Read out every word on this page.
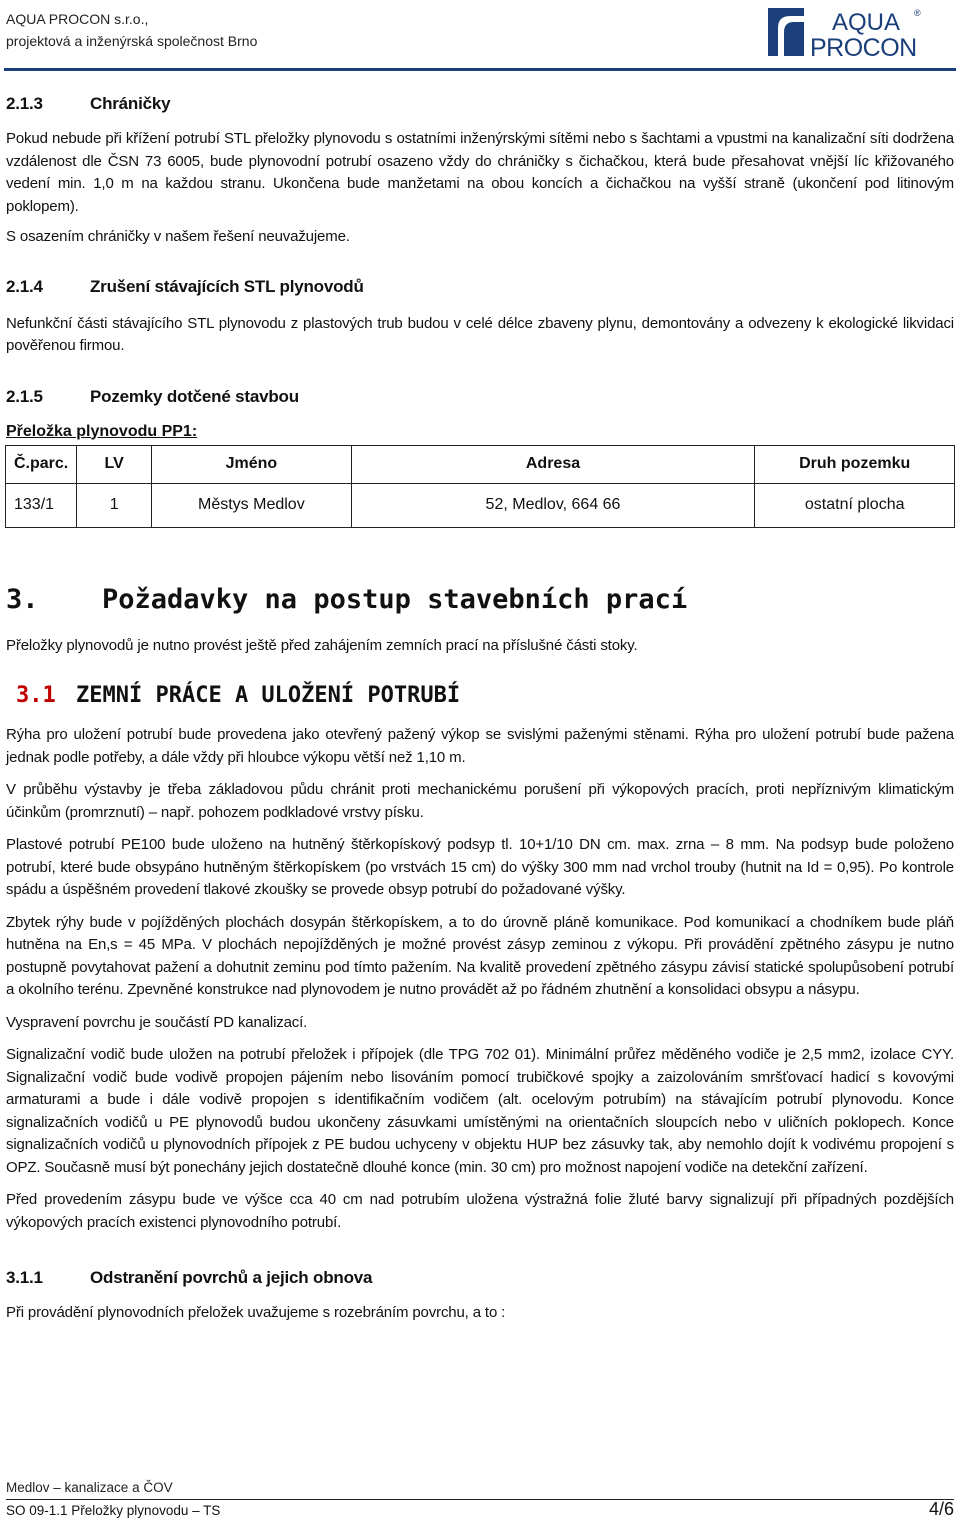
AQUA PROCON s.r.o.,
projektová a inženýrská společnost Brno
AQUA ®
PROCON
2.1.3	Chráničky

Pokud nebude při křížení potrubí STL přeložky plynovodu s ostatními inženýrskými sítěmi nebo s šachtami a vpustmi na kanalizační síti dodržena vzdálenost dle ČSN 73 6005, bude plynovodní potrubí osazeno vždy do chráničky s čichačkou, která bude přesahovat vnější líc křižovaného vedení min. 1,0 m na každou stranu. Ukončena bude manžetami na obou koncích a čichačkou na vyšší straně (ukončení pod litinovým poklopem).

S osazením chráničky v našem řešení neuvažujeme.

2.1.4	Zrušení stávajících STL plynovodů

Nefunkční části stávajícího STL plynovodu z plastových trub budou v celé délce zbaveny plynu, demontovány a odvezeny k ekologické likvidaci pověřenou firmou.

2.1.5	Pozemky dotčené stavbou
Přeložka plynovodu PP1:
Č.parc.	LV	Jméno	Adresa	Druh pozemku
133/1	1	Městys Medlov	52, Medlov, 664 66	ostatní plocha
3. Požadavky na postup stavebních prací

Přeložky plynovodů je nutno provést ještě před zahájením zemních prací na příslušné části stoky.

3.1 ZEMNÍ PRÁCE A ULOŽENÍ POTRUBÍ

Rýha pro uložení potrubí bude provedena jako otevřený pažený výkop se svislými paženými stěnami. Rýha pro uložení potrubí bude pažena jednak podle potřeby, a dále vždy při hloubce výkopu větší než 1,10 m.

V průběhu výstavby je třeba základovou půdu chránit proti mechanickému porušení při výkopových pracích, proti nepříznivým klimatickým účinkům (promrznutí) – např. pohozem podkladové vrstvy písku.

Plastové potrubí PE100 bude uloženo na hutněný štěrkopískový podsyp tl. 10+1/10 DN cm. max. zrna – 8 mm. Na podsyp bude položeno potrubí, které bude obsypáno hutněným štěrkopískem (po vrstvách 15 cm) do výšky 300 mm nad vrchol trouby (hutnit na Id = 0,95). Po kontrole spádu a úspěšném provedení tlakové zkoušky se provede obsyp potrubí do požadované výšky.

Zbytek rýhy bude v pojížděných plochách dosypán štěrkopískem, a to do úrovně pláně komunikace. Pod komunikací a chodníkem bude pláň hutněna na En,s = 45 MPa. V plochách nepojížděných je možné provést zásyp zeminou z výkopu. Při provádění zpětného zásypu je nutno postupně povytahovat pažení a dohutnit zeminu pod tímto pažením. Na kvalitě provedení zpětného zásypu závisí statické spolupůsobení potrubí a okolního terénu. Zpevněné konstrukce nad plynovodem je nutno provádět až po řádném zhutnění a konsolidaci obsypu a násypu.

Vyspravení povrchu je součástí PD kanalizací.

Signalizační vodič bude uložen na potrubí přeložek i přípojek (dle TPG 702 01). Minimální průřez měděného vodiče je 2,5 mm2, izolace CYY. Signalizační vodič bude vodivě propojen pájením nebo lisováním pomocí trubičkové spojky a zaizolováním smršťovací hadicí s kovovými armaturami a bude i dále vodivě propojen s identifikačním vodičem (alt. ocelovým potrubím) na stávajícím potrubí plynovodu. Konce signalizačních vodičů u PE plynovodů budou ukončeny zásuvkami umístěnými na orientačních sloupcích nebo v uličních poklopech. Konce signalizačních vodičů u plynovodních přípojek z PE budou uchyceny v objektu HUP bez zásuvky tak, aby nemohlo dojít k vodivému propojení s OPZ. Současně musí být ponechány jejich dostatečně dlouhé konce (min. 30 cm) pro možnost napojení vodiče na detekční zařízení.

Před provedením zásypu bude ve výšce cca 40 cm nad potrubím uložena výstražná folie žluté barvy signalizují při případných pozdějších výkopových pracích existenci plynovodního potrubí.

3.1.1	Odstranění povrchů a jejich obnova

Při provádění plynovodních přeložek uvažujeme s rozebráním povrchu, a to :

Medlov – kanalizace a ČOV
SO 09-1.1 Přeložky plynovodu – TS	4/6
